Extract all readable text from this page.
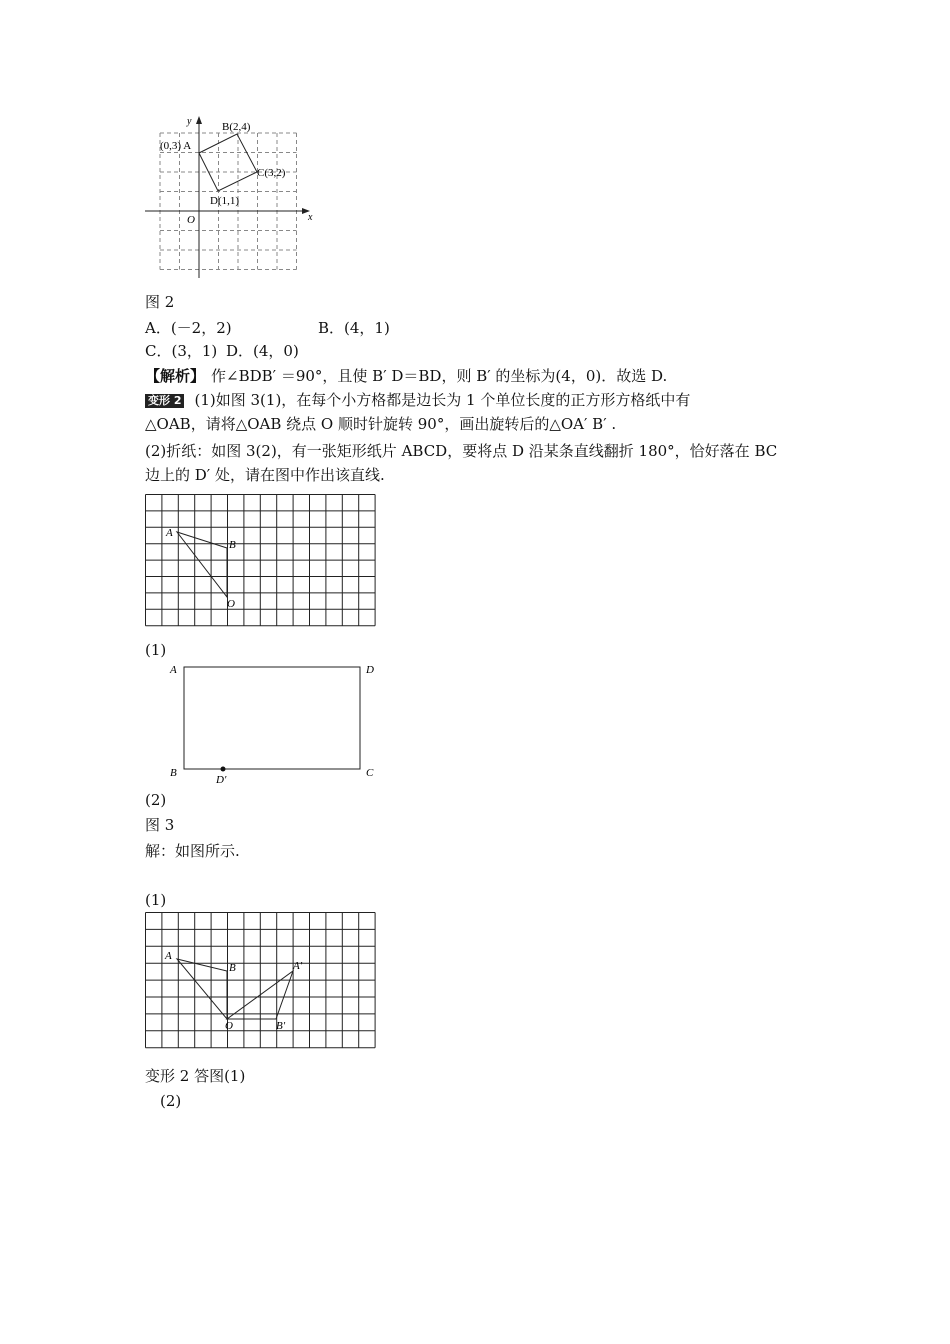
y
x
O
(0,3) A
B(2,4)
C(3,2)
D(1,1)
图 2
A．(－2，2)	B．(4，1)
C．(3，1) D．(4，0)
【解析】 作∠BDB′ ＝90°，且使 B′ D＝BD，则 B′ 的坐标为(4，0)．故选 D.
变形 2 (1)如图 3(1)，在每个小方格都是边长为 1 个单位长度的正方形方格纸中有
△OAB，请将△OAB 绕点 O 顺时针旋转 90°，画出旋转后的△OA′ B′ .
(2)折纸：如图 3(2)，有一张矩形纸片 ABCD，要将点 D 沿某条直线翻折 180°，恰好落在 BC
边上的 D′ 处，请在图中作出该直线.
A
B
O
(1)
A	D
B	C
D′
(2)
图 3
解：如图所示.
(1)
A
B
O
A′
B′
变形 2 答图(1)
(2)
